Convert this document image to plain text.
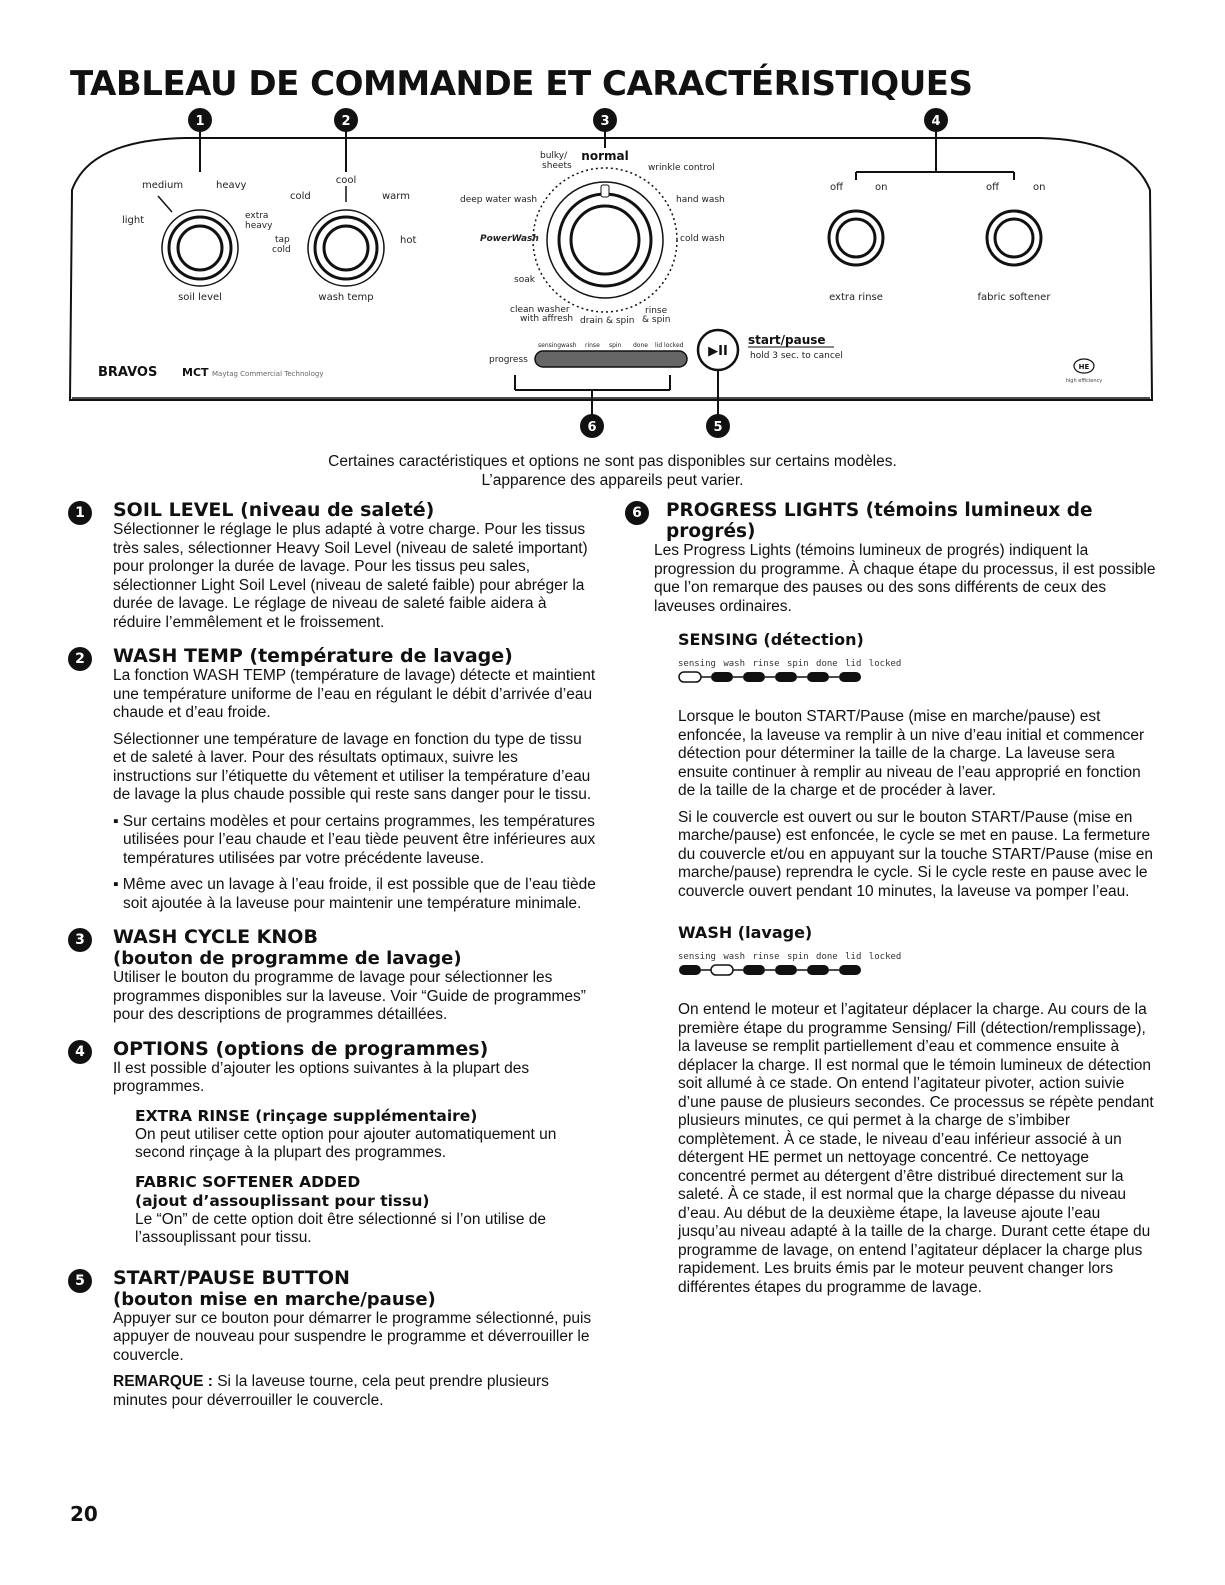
TABLEAU DE COMMANDE ET CARACTÉRISTIQUES
1	2	3	4
medium	heavy
light	extra
heavy
soil level
cool
cold	warm
hot
tap
cold
wash temp
bulky/
sheets
normal
wrinkle control
deep water wash	hand wash
PowerWash	cold wash
soak
clean washer
with affresh drain & spin
rinse
& spin
sensing wash rinse spin done lid locked
progress
▶II
start/pause
hold 3 sec. to cancel
6	5
off	on
extra rinse
off	on
fabric softener
BRAVOS MCT Maytag Commercial Technology
HE
high efficiency
Certaines caractéristiques et options ne sont pas disponibles sur certains modèles.
L’apparence des appareils peut varier.
1	SOIL LEVEL (niveau de saleté)

Sélectionner le réglage le plus adapté à votre charge. Pour les tissus très sales, sélectionner Heavy Soil Level (niveau de saleté important) pour prolonger la durée de lavage. Pour les tissus peu sales, sélectionner Light Soil Level (niveau de saleté faible) pour abréger la durée de lavage. Le réglage de niveau de saleté faible aidera à réduire l’emmêlement et le froissement.

2	WASH TEMP (température de lavage)

La fonction WASH TEMP (température de lavage) détecte et maintient une température uniforme de l’eau en régulant le débit d’arrivée d’eau chaude et d’eau froide.

Sélectionner une température de lavage en fonction du type de tissu et de saleté à laver. Pour des résultats optimaux, suivre les instructions sur l’étiquette du vêtement et utiliser la température d’eau de lavage la plus chaude possible qui reste sans danger pour le tissu.

▪ Sur certains modèles et pour certains programmes, les températures utilisées pour l’eau chaude et l’eau tiède peuvent être inférieures aux températures utilisées par votre précédente laveuse.

▪ Même avec un lavage à l’eau froide, il est possible que de l’eau tiède soit ajoutée à la laveuse pour maintenir une température minimale.

3	WASH CYCLE KNOB
(bouton de programme de lavage)

Utiliser le bouton du programme de lavage pour sélectionner les programmes disponibles sur la laveuse. Voir “Guide de programmes” pour des descriptions de programmes détaillées.

4	OPTIONS (options de programmes)

Il est possible d’ajouter les options suivantes à la plupart des programmes.

EXTRA RINSE (rinçage supplémentaire)

On peut utiliser cette option pour ajouter automatiquement un second rinçage à la plupart des programmes.

FABRIC SOFTENER ADDED
(ajout d’assouplissant pour tissu)

Le “On” de cette option doit être sélectionné si l’on utilise de l’assouplissant pour tissu.

5	START/PAUSE BUTTON
(bouton mise en marche/pause)

Appuyer sur ce bouton pour démarrer le programme sélectionné, puis appuyer de nouveau pour suspendre le programme et déverrouiller le couvercle.

REMARQUE : Si la laveuse tourne, cela peut prendre plusieurs minutes pour déverrouiller le couvercle.

6	PROGRESS LIGHTS (témoins lumineux de progrés)

Les Progress Lights (témoins lumineux de progrés) indiquent la progression du programme. À chaque étape du processus, il est possible que l’on remarque des pauses ou des sons différents de ceux des laveuses ordinaires.

SENSING (détection)
sensing wash rinse spin done lid locked

Lorsque le bouton START/Pause (mise en marche/pause) est enfoncée, la laveuse va remplir à un nive d’eau initial et commencer détection pour déterminer la taille de la charge. La laveuse sera ensuite continuer à remplir au niveau de l’eau approprié en fonction de la taille de la charge et de procéder à laver.

Si le couvercle est ouvert ou sur le bouton START/Pause (mise en marche/pause) est enfoncée, le cycle se met en pause. La fermeture du couvercle et/ou en appuyant sur la touche START/Pause (mise en marche/pause) reprendra le cycle. Si le cycle reste en pause avec le couvercle ouvert pendant 10 minutes, la laveuse va pomper l’eau.

WASH (lavage)
sensing wash rinse spin done lid locked

On entend le moteur et l’agitateur déplacer la charge. Au cours de la première étape du programme Sensing/ Fill (détection/remplissage), la laveuse se remplit partiellement d’eau et commence ensuite à déplacer la charge. Il est normal que le témoin lumineux de détection soit allumé à ce stade. On entend l’agitateur pivoter, action suivie d’une pause de plusieurs secondes. Ce processus se répète pendant plusieurs minutes, ce qui permet à la charge de s’imbiber complètement. À ce stade, le niveau d’eau inférieur associé à un détergent HE permet un nettoyage concentré. Ce nettoyage concentré permet au détergent d’être distribué directement sur la saleté. À ce stade, il est normal que la charge dépasse du niveau d’eau. Au début de la deuxième étape, la laveuse ajoute l’eau jusqu’au niveau adapté à la taille de la charge. Durant cette étape du programme de lavage, on entend l’agitateur déplacer la charge plus rapidement. Les bruits émis par le moteur peuvent changer lors différentes étapes du programme de lavage.

20
